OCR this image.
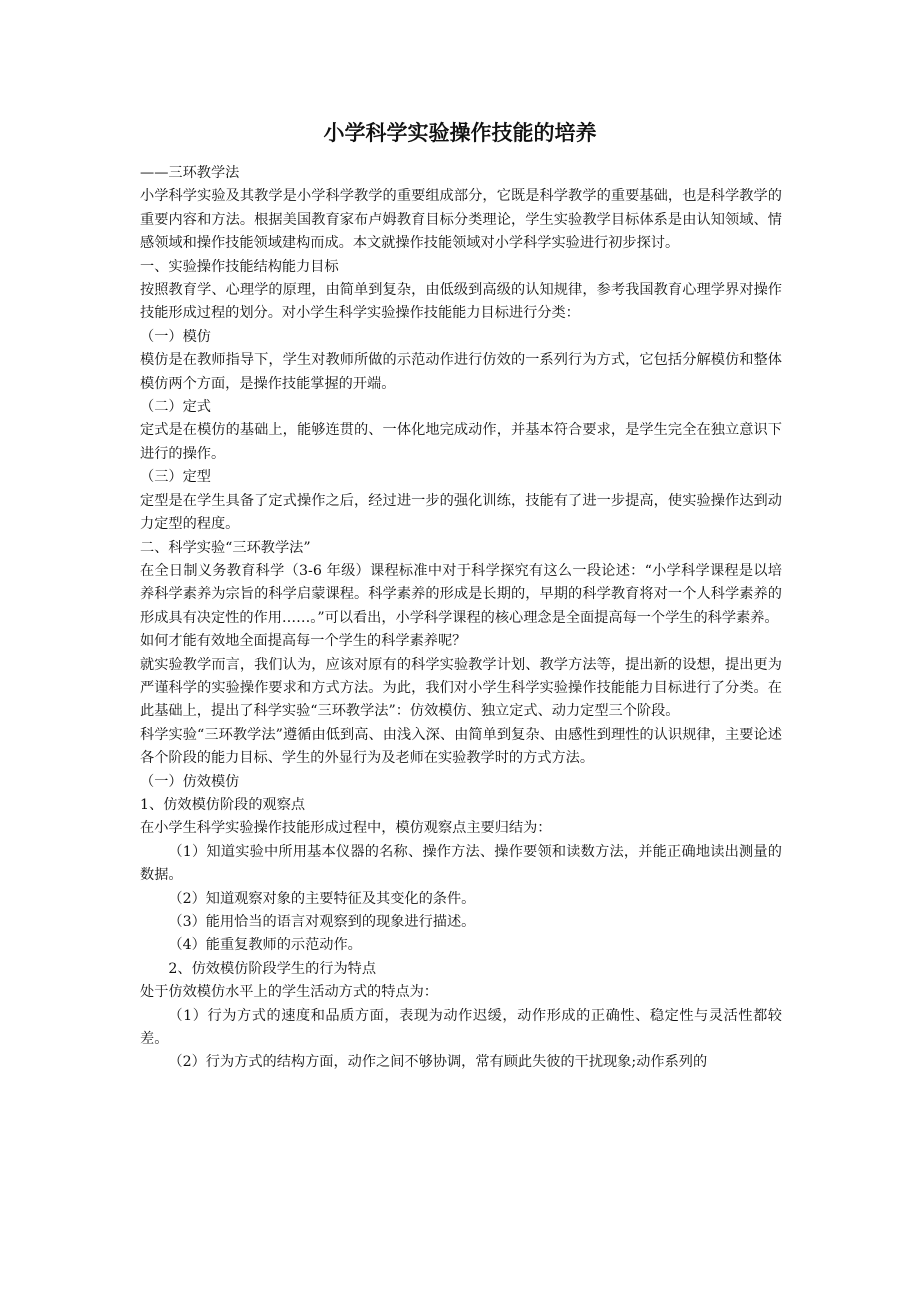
小学科学实验操作技能的培养

——三环教学法

小学科学实验及其教学是小学科学教学的重要组成部分，它既是科学教学的重要基础，也是科学教学的重要内容和方法。根据美国教育家布卢姆教育目标分类理论，学生实验教学目标体系是由认知领域、情感领域和操作技能领域建构而成。本文就操作技能领域对小学科学实验进行初步探讨。

一、实验操作技能结构能力目标

按照教育学、心理学的原理，由简单到复杂，由低级到高级的认知规律，参考我国教育心理学界对操作技能形成过程的划分。对小学生科学实验操作技能能力目标进行分类：

（一）模仿

模仿是在教师指导下，学生对教师所做的示范动作进行仿效的一系列行为方式，它包括分解模仿和整体模仿两个方面，是操作技能掌握的开端。

（二）定式

定式是在模仿的基础上，能够连贯的、一体化地完成动作，并基本符合要求，是学生完全在独立意识下进行的操作。

（三）定型

定型是在学生具备了定式操作之后，经过进一步的强化训练，技能有了进一步提高，使实验操作达到动力定型的程度。

二、科学实验“三环教学法”

在全日制义务教育科学（3-6 年级）课程标准中对于科学探究有这么一段论述：“小学科学课程是以培养科学素养为宗旨的科学启蒙课程。科学素养的形成是长期的，早期的科学教育将对一个人科学素养的形成具有决定性的作用……。”可以看出，小学科学课程的核心理念是全面提高每一个学生的科学素养。

如何才能有效地全面提高每一个学生的科学素养呢？

就实验教学而言，我们认为，应该对原有的科学实验教学计划、教学方法等，提出新的设想，提出更为严谨科学的实验操作要求和方式方法。为此，我们对小学生科学实验操作技能能力目标进行了分类。在此基础上，提出了科学实验“三环教学法”：仿效模仿、独立定式、动力定型三个阶段。

科学实验“三环教学法”遵循由低到高、由浅入深、由简单到复杂、由感性到理性的认识规律，主要论述各个阶段的能力目标、学生的外显行为及老师在实验教学时的方式方法。

（一）仿效模仿

1、仿效模仿阶段的观察点

在小学生科学实验操作技能形成过程中，模仿观察点主要归结为：

（1）知道实验中所用基本仪器的名称、操作方法、操作要领和读数方法，并能正确地读出测量的数据。

（2）知道观察对象的主要特征及其变化的条件。

（3）能用恰当的语言对观察到的现象进行描述。

（4）能重复教师的示范动作。

2、仿效模仿阶段学生的行为特点

处于仿效模仿水平上的学生活动方式的特点为：

（1）行为方式的速度和品质方面，表现为动作迟缓，动作形成的正确性、稳定性与灵活性都较差。

（2）行为方式的结构方面，动作之间不够协调，常有顾此失彼的干扰现象;动作系列的
